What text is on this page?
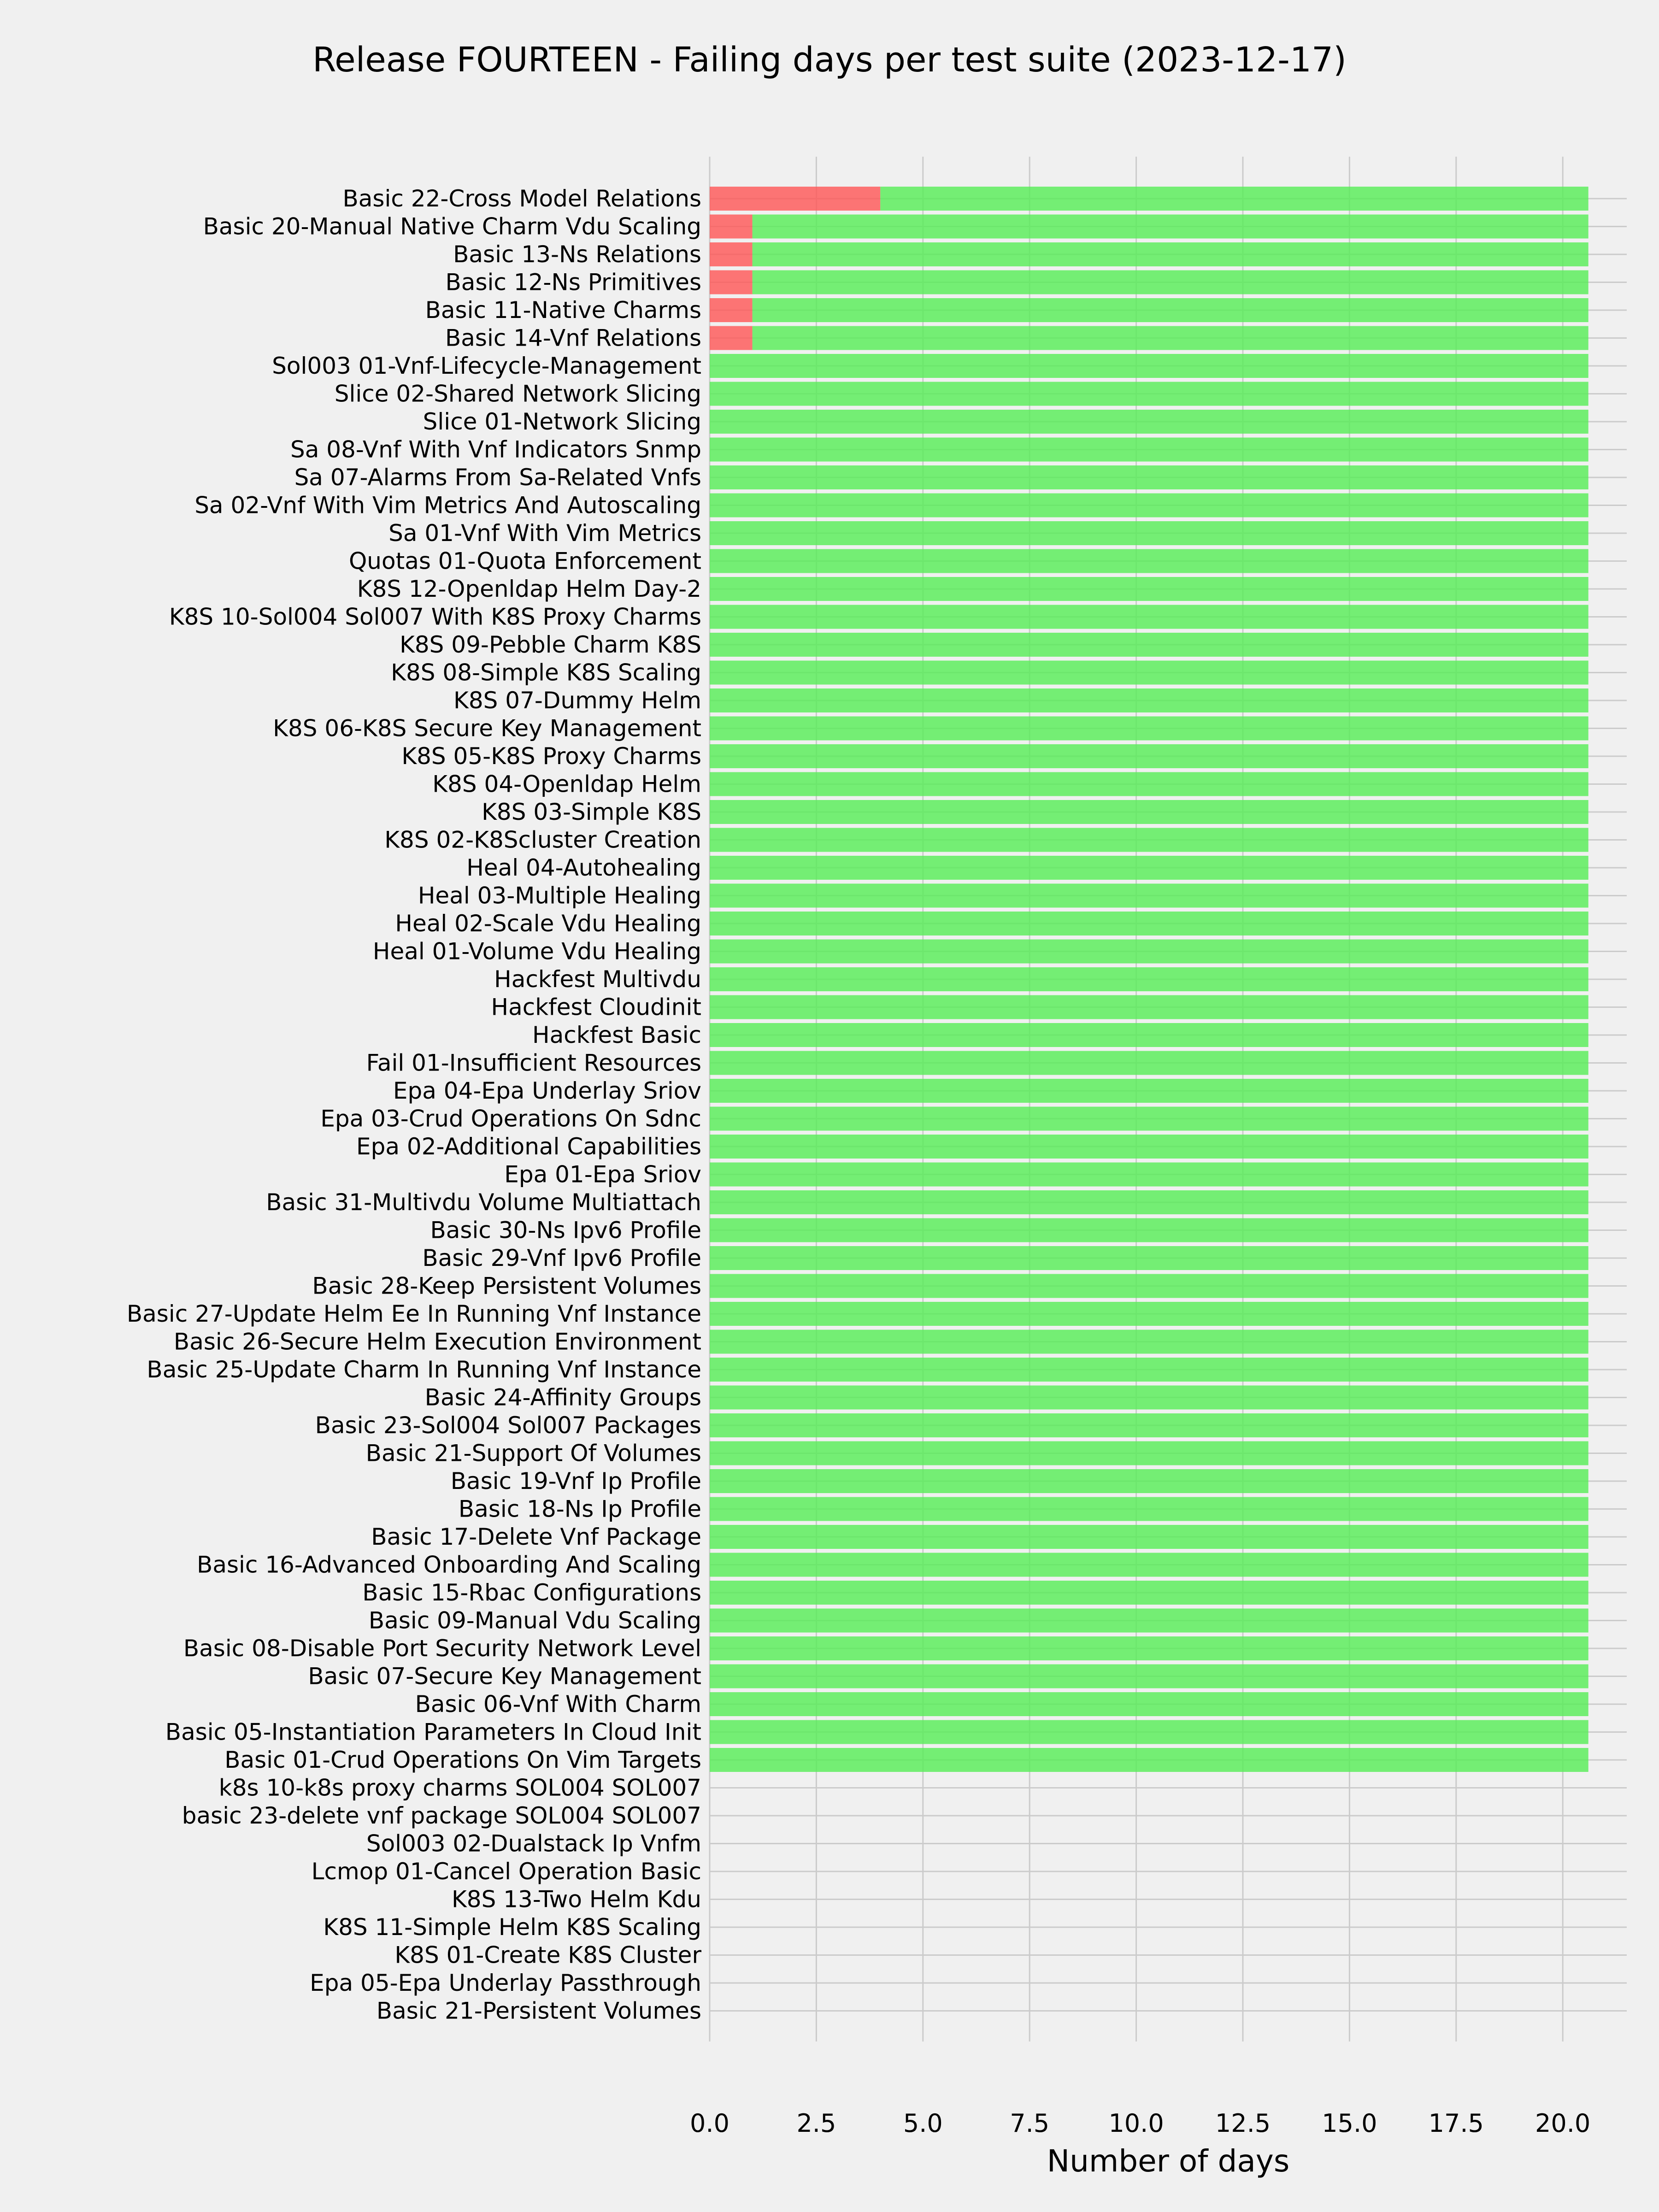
Release FOURTEEN - Failing days per test suite (2023-12-17)
Basic 22-Cross Model Relations
Basic 20-Manual Native Charm Vdu Scaling
Basic 13-Ns Relations
Basic 12-Ns Primitives
Basic 11-Native Charms
Basic 14-Vnf Relations
Sol003 01-Vnf-Lifecycle-Management
Slice 02-Shared Network Slicing
Slice 01-Network Slicing
Sa 08-Vnf With Vnf Indicators Snmp
Sa 07-Alarms From Sa-Related Vnfs
Sa 02-Vnf With Vim Metrics And Autoscaling
Sa 01-Vnf With Vim Metrics
Quotas 01-Quota Enforcement
K8S 12-Openldap Helm Day-2
K8S 10-Sol004 Sol007 With K8S Proxy Charms
K8S 09-Pebble Charm K8S
K8S 08-Simple K8S Scaling
K8S 07-Dummy Helm
K8S 06-K8S Secure Key Management
K8S 05-K8S Proxy Charms
K8S 04-Openldap Helm
K8S 03-Simple K8S
K8S 02-K8Scluster Creation
Heal 04-Autohealing
Heal 03-Multiple Healing
Heal 02-Scale Vdu Healing
Heal 01-Volume Vdu Healing
Hackfest Multivdu
Hackfest Cloudinit
Hackfest Basic
Fail 01-Insufficient Resources
Epa 04-Epa Underlay Sriov
Epa 03-Crud Operations On Sdnc
Epa 02-Additional Capabilities
Epa 01-Epa Sriov
Basic 31-Multivdu Volume Multiattach
Basic 30-Ns Ipv6 Profile
Basic 29-Vnf Ipv6 Profile
Basic 28-Keep Persistent Volumes
Basic 27-Update Helm Ee In Running Vnf Instance
Basic 26-Secure Helm Execution Environment
Basic 25-Update Charm In Running Vnf Instance
Basic 24-Affinity Groups
Basic 23-Sol004 Sol007 Packages
Basic 21-Support Of Volumes
Basic 19-Vnf Ip Profile
Basic 18-Ns Ip Profile
Basic 17-Delete Vnf Package
Basic 16-Advanced Onboarding And Scaling
Basic 15-Rbac Configurations
Basic 09-Manual Vdu Scaling
Basic 08-Disable Port Security Network Level
Basic 07-Secure Key Management
Basic 06-Vnf With Charm
Basic 05-Instantiation Parameters In Cloud Init
Basic 01-Crud Operations On Vim Targets
k8s 10-k8s proxy charms SOL004 SOL007
basic 23-delete vnf package SOL004 SOL007
Sol003 02-Dualstack Ip Vnfm
Lcmop 01-Cancel Operation Basic
K8S 13-Two Helm Kdu
K8S 11-Simple Helm K8S Scaling
K8S 01-Create K8S Cluster
Epa 05-Epa Underlay Passthrough
Basic 21-Persistent Volumes
0.0	2.5	5.0	7.5 10.0 12.5 15.0 17.5 20.0
Number of days
